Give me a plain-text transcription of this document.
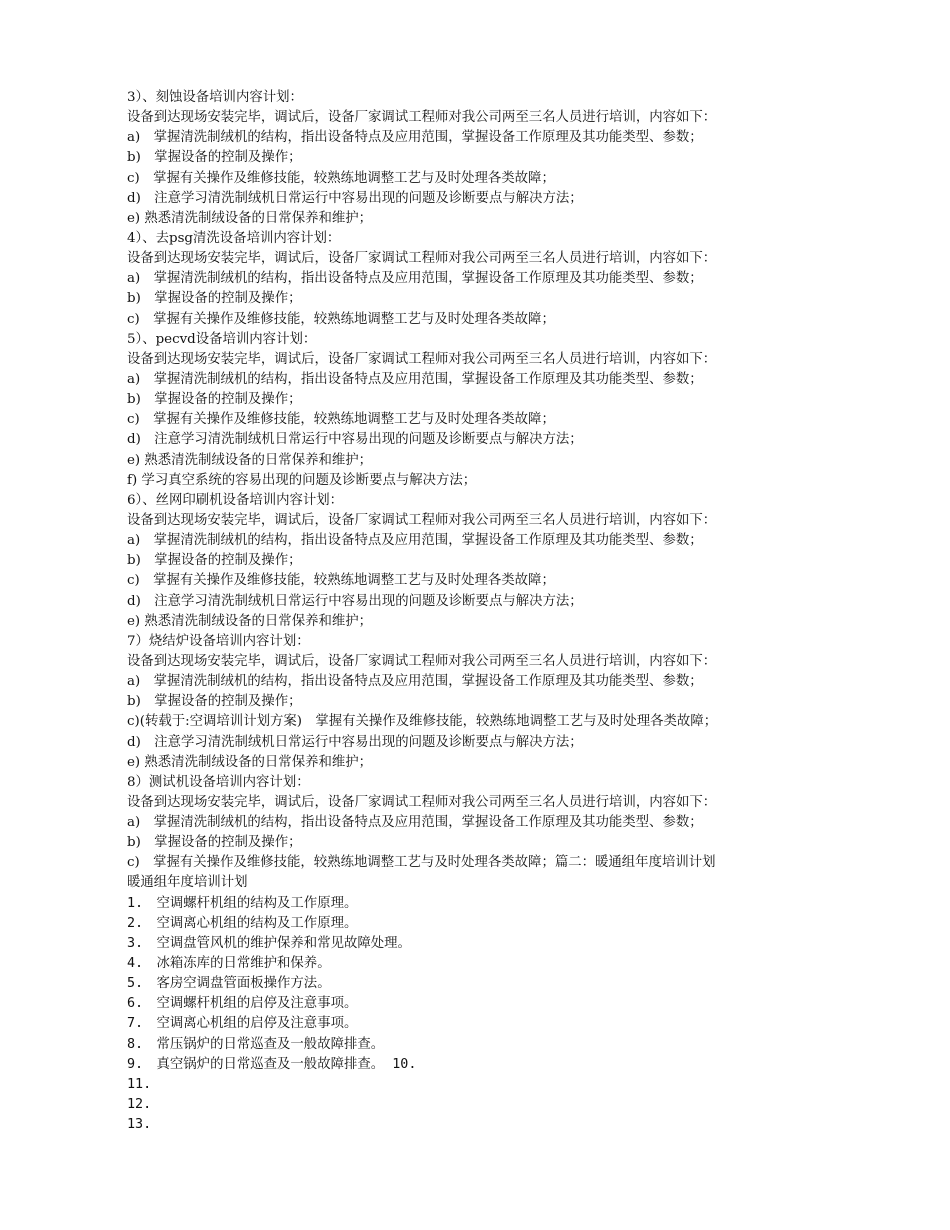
3）、刻蚀设备培训内容计划：
设备到达现场安装完毕，调试后，设备厂家调试工程师对我公司两至三名人员进行培训，内容如下：
a)　掌握清洗制绒机的结构，指出设备特点及应用范围，掌握设备工作原理及其功能类型、参数；
b)　掌握设备的控制及操作；
c)　掌握有关操作及维修技能，较熟练地调整工艺与及时处理各类故障；
d)　注意学习清洗制绒机日常运行中容易出现的问题及诊断要点与解决方法；
e) 熟悉清洗制绒设备的日常保养和维护；
4）、去psg清洗设备培训内容计划：
设备到达现场安装完毕，调试后，设备厂家调试工程师对我公司两至三名人员进行培训，内容如下：
a)　掌握清洗制绒机的结构，指出设备特点及应用范围，掌握设备工作原理及其功能类型、参数；
b)　掌握设备的控制及操作；
c)　掌握有关操作及维修技能，较熟练地调整工艺与及时处理各类故障；
5）、pecvd设备培训内容计划：
设备到达现场安装完毕，调试后，设备厂家调试工程师对我公司两至三名人员进行培训，内容如下：
a)　掌握清洗制绒机的结构，指出设备特点及应用范围，掌握设备工作原理及其功能类型、参数；
b)　掌握设备的控制及操作；
c)　掌握有关操作及维修技能，较熟练地调整工艺与及时处理各类故障；
d)　注意学习清洗制绒机日常运行中容易出现的问题及诊断要点与解决方法；
e) 熟悉清洗制绒设备的日常保养和维护；
f) 学习真空系统的容易出现的问题及诊断要点与解决方法；
6）、丝网印刷机设备培训内容计划：
设备到达现场安装完毕，调试后，设备厂家调试工程师对我公司两至三名人员进行培训，内容如下：
a)　掌握清洗制绒机的结构，指出设备特点及应用范围，掌握设备工作原理及其功能类型、参数；
b)　掌握设备的控制及操作；
c)　掌握有关操作及维修技能，较熟练地调整工艺与及时处理各类故障；
d)　注意学习清洗制绒机日常运行中容易出现的问题及诊断要点与解决方法；
e) 熟悉清洗制绒设备的日常保养和维护；
7）烧结炉设备培训内容计划：
设备到达现场安装完毕，调试后，设备厂家调试工程师对我公司两至三名人员进行培训，内容如下：
a)　掌握清洗制绒机的结构，指出设备特点及应用范围，掌握设备工作原理及其功能类型、参数；
b)　掌握设备的控制及操作；
c)(转载于:空调培训计划方案)　掌握有关操作及维修技能，较熟练地调整工艺与及时处理各类故障；
d)　注意学习清洗制绒机日常运行中容易出现的问题及诊断要点与解决方法；
e) 熟悉清洗制绒设备的日常保养和维护；
8）测试机设备培训内容计划：
设备到达现场安装完毕，调试后，设备厂家调试工程师对我公司两至三名人员进行培训，内容如下：
a)　掌握清洗制绒机的结构，指出设备特点及应用范围，掌握设备工作原理及其功能类型、参数；
b)　掌握设备的控制及操作；
c)　掌握有关操作及维修技能，较熟练地调整工艺与及时处理各类故障；篇二：暖通组年度培训计划
暖通组年度培训计划
1.　空调螺杆机组的结构及工作原理。
2.　空调离心机组的结构及工作原理。
3.　空调盘管风机的维护保养和常见故障处理。
4.　冰箱冻库的日常维护和保养。
5.　客房空调盘管面板操作方法。
6.　空调螺杆机组的启停及注意事项。
7.　空调离心机组的启停及注意事项。
8.　常压锅炉的日常巡查及一般故障排查。
9.　真空锅炉的日常巡查及一般故障排查。 10.
11.
12.
13.
